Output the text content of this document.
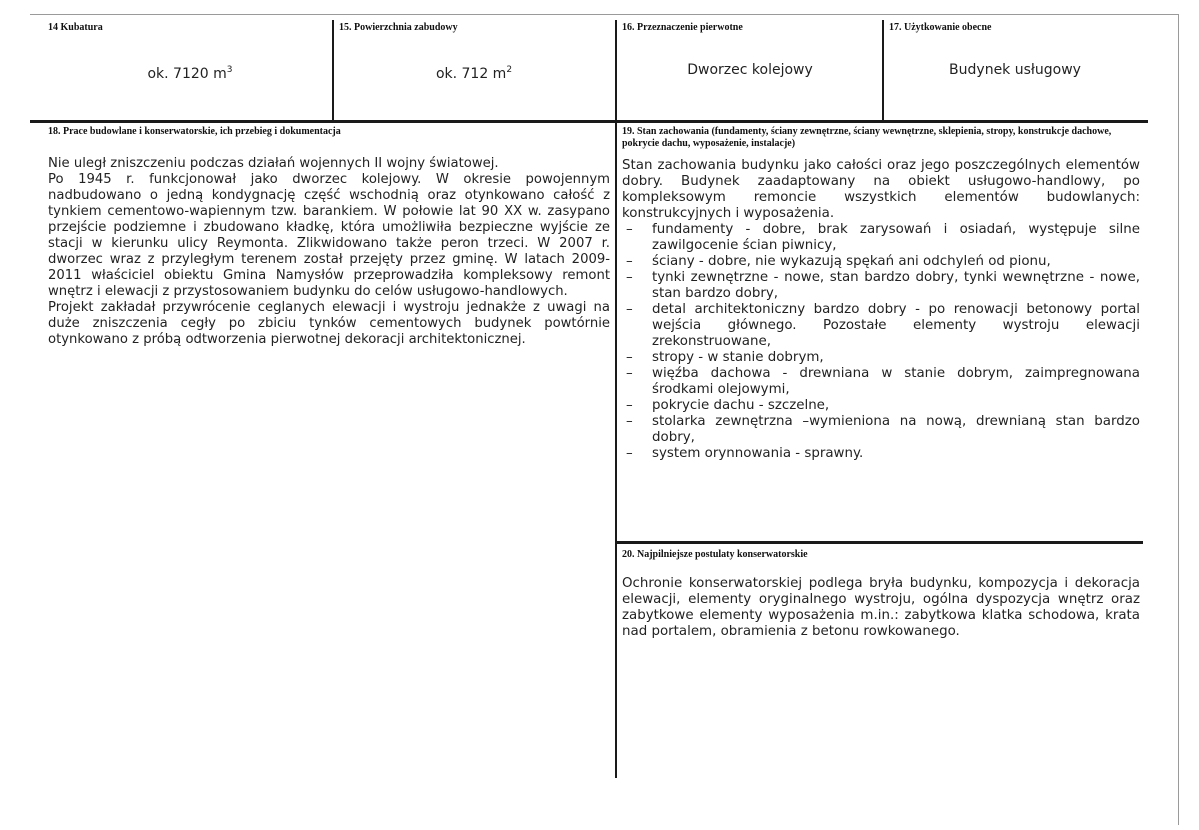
14 Kubatura
ok. 7120 $m^3$
15. Powierzchnia zabudowy
ok. 712 $m^2$
16. Przeznaczenie pierwotne
Dworzec kolejowy
17. Użytkowanie obecne
Budynek usługowy
18. Prace budowlane i konserwatorskie, ich przebieg i dokumentacja

Nie uległ zniszczeniu podczas działań wojennych II wojny światowej.

Po 1945 r. funkcjonował jako dworzec kolejowy. W okresie powojennym nadbudowano o jedną kondygnację część wschodnią oraz otynkowano całość z tynkiem cementowo-wapiennym tzw. barankiem. W połowie lat 90 XX w. zasypano przejście podziemne i zbudowano kładkę, która umożliwiła bezpieczne wyjście ze stacji w kierunku ulicy Reymonta. Zlikwidowano także peron trzeci. W 2007 r. dworzec wraz z przyległym terenem został przejęty przez gminę. W latach 2009-2011 właściciel obiektu Gmina Namysłów przeprowadziła kompleksowy remont wnętrz i elewacji z przystosowaniem budynku do celów usługowo-handlowych.

Projekt zakładał przywrócenie ceglanych elewacji i wystroju jednakże z uwagi na duże zniszczenia cegły po zbiciu tynków cementowych budynek powtórnie otynkowano z próbą odtworzenia pierwotnej dekoracji architektonicznej.

19. Stan zachowania (fundamenty, ściany zewnętrzne, ściany wewnętrzne, sklepienia, stropy, konstrukcje dachowe, pokrycie dachu, wyposażenie, instalacje)

Stan zachowania budynku jako całości oraz jego poszczególnych elementów dobry. Budynek zaadaptowany na obiekt usługowo-handlowy, po kompleksowym remoncie wszystkich elementów budowlanych: konstrukcyjnych i wyposażenia.

– fundamenty - dobre, brak zarysowań i osiadań, występuje silne zawilgocenie ścian piwnicy,
– ściany - dobre, nie wykazują spękań ani odchyleń od pionu,
– tynki zewnętrzne - nowe, stan bardzo dobry, tynki wewnętrzne - nowe, stan bardzo dobry,
– detal architektoniczny bardzo dobry - po renowacji betonowy portal wejścia głównego. Pozostałe elementy wystroju elewacji zrekonstruowane,
– stropy - w stanie dobrym,
– więźba dachowa - drewniana w stanie dobrym, zaimpregnowana środkami olejowymi,
– pokrycie dachu - szczelne,
– stolarka zewnętrzna –wymieniona na nową, drewnianą stan bardzo dobry,
– system orynnowania - sprawny.
20. Najpilniejsze postulaty konserwatorskie

Ochronie konserwatorskiej podlega bryła budynku, kompozycja i dekoracja elewacji, elementy oryginalnego wystroju, ogólna dyspozycja wnętrz oraz zabytkowe elementy wyposażenia m.in.: zabytkowa klatka schodowa, krata nad portalem, obramienia z betonu rowkowanego.
